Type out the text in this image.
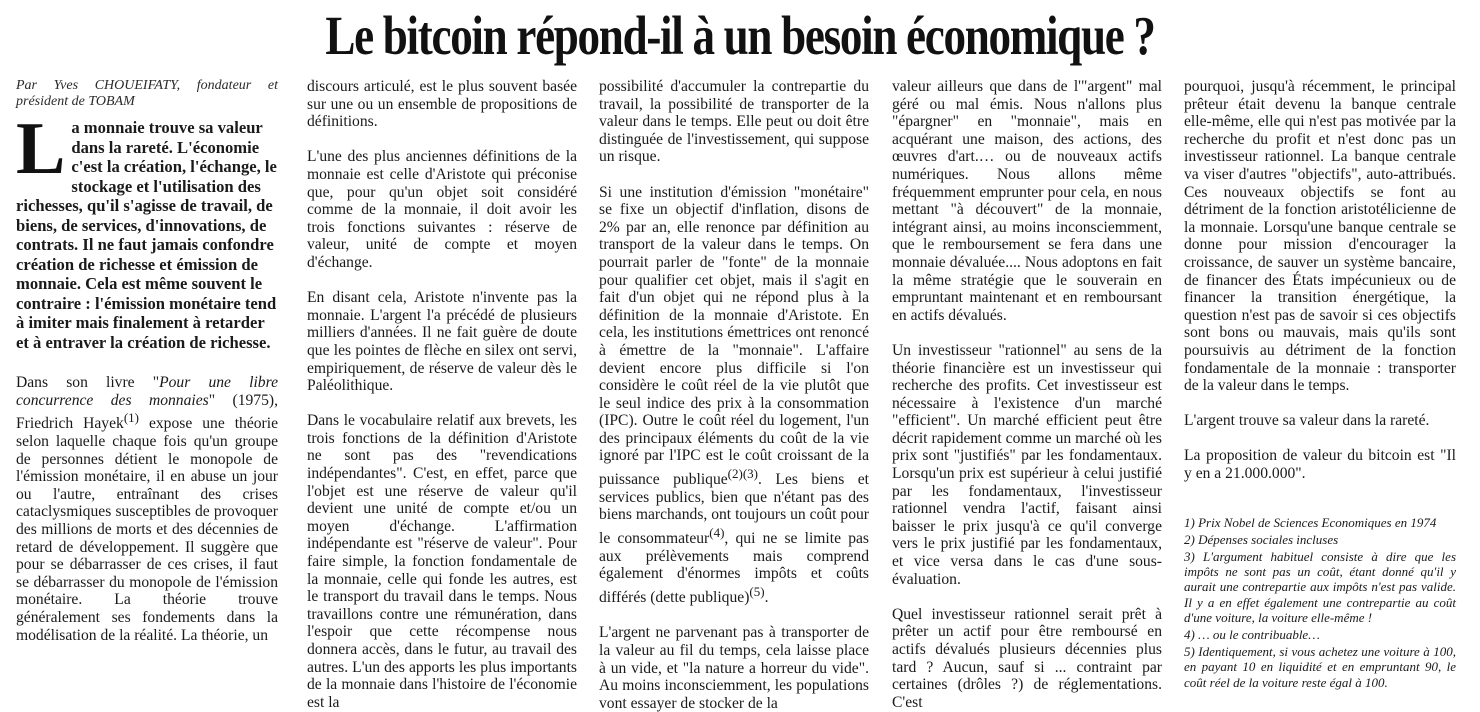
Le bitcoin répond-il à un besoin économique ?
Par Yves CHOUEIFATY, fondateur et président de TOBAM
La monnaie trouve sa valeur dans la rareté. L'économie c'est la création, l'échange, le stockage et l'utilisation des richesses, qu'il s'agisse de travail, de biens, de services, d'innovations, de contrats. Il ne faut jamais confondre création de richesse et émission de monnaie. Cela est même souvent le contraire : l'émission monétaire tend à imiter mais finalement à retarder et à entraver la création de richesse.

Dans son livre "Pour une libre concurrence des monnaies" (1975), Friedrich Hayek$^{(1)}$ expose une théorie selon laquelle chaque fois qu'un groupe de personnes détient le monopole de l'émission monétaire, il en abuse un jour ou l'autre, entraînant des crises cataclysmiques susceptibles de provoquer des millions de morts et des décennies de retard de développement. Il suggère que pour se débarrasser de ces crises, il faut se débarrasser du monopole de l'émission monétaire. La théorie trouve généralement ses fondements dans la modélisation de la réalité. La théorie, un

discours articulé, est le plus souvent basée sur une ou un ensemble de propositions de définitions.

L'une des plus anciennes définitions de la monnaie est celle d'Aristote qui préconise que, pour qu'un objet soit considéré comme de la monnaie, il doit avoir les trois fonctions suivantes : réserve de valeur, unité de compte et moyen d'échange.

En disant cela, Aristote n'invente pas la monnaie. L'argent l'a précédé de plusieurs milliers d'années. Il ne fait guère de doute que les pointes de flèche en silex ont servi, empiriquement, de réserve de valeur dès le Paléolithique.

Dans le vocabulaire relatif aux brevets, les trois fonctions de la définition d'Aristote ne sont pas des "revendications indépendantes". C'est, en effet, parce que l'objet est une réserve de valeur qu'il devient une unité de compte et/ou un moyen d'échange. L'affirmation indépendante est "réserve de valeur". Pour faire simple, la fonction fondamentale de la monnaie, celle qui fonde les autres, est le transport du travail dans le temps. Nous travaillons contre une rémunération, dans l'espoir que cette récompense nous donnera accès, dans le futur, au travail des autres. L'un des apports les plus importants de la monnaie dans l'histoire de l'économie est la

possibilité d'accumuler la contrepartie du travail, la possibilité de transporter de la valeur dans le temps. Elle peut ou doit être distinguée de l'investissement, qui suppose un risque.

Si une institution d'émission "monétaire" se fixe un objectif d'inflation, disons de 2% par an, elle renonce par définition au transport de la valeur dans le temps. On pourrait parler de "fonte" de la monnaie pour qualifier cet objet, mais il s'agit en fait d'un objet qui ne répond plus à la définition de la monnaie d'Aristote. En cela, les institutions émettrices ont renoncé à émettre de la "monnaie". L'affaire devient encore plus difficile si l'on considère le coût réel de la vie plutôt que le seul indice des prix à la consommation (IPC). Outre le coût réel du logement, l'un des principaux éléments du coût de la vie ignoré par l'IPC est le coût croissant de la puissance publique$^{(2)(3)}$. Les biens et services publics, bien que n'étant pas des biens marchands, ont toujours un coût pour le consommateur$^{(4)}$, qui ne se limite pas aux prélèvements mais comprend également d'énormes impôts et coûts différés (dette publique)$^{(5)}$.

L'argent ne parvenant pas à transporter de la valeur au fil du temps, cela laisse place à un vide, et "la nature a horreur du vide". Au moins inconsciemment, les populations vont essayer de stocker de la

valeur ailleurs que dans de l'"argent" mal géré ou mal émis. Nous n'allons plus "épargner" en "monnaie", mais en acquérant une maison, des actions, des œuvres d'art.… ou de nouveaux actifs numériques. Nous allons même fréquemment emprunter pour cela, en nous mettant "à découvert" de la monnaie, intégrant ainsi, au moins inconsciemment, que le remboursement se fera dans une monnaie dévaluée.... Nous adoptons en fait la même stratégie que le souverain en empruntant maintenant et en remboursant en actifs dévalués.

Un investisseur "rationnel" au sens de la théorie financière est un investisseur qui recherche des profits. Cet investisseur est nécessaire à l'existence d'un marché "efficient". Un marché efficient peut être décrit rapidement comme un marché où les prix sont "justifiés" par les fondamentaux. Lorsqu'un prix est supérieur à celui justifié par les fondamentaux, l'investisseur rationnel vendra l'actif, faisant ainsi baisser le prix jusqu'à ce qu'il converge vers le prix justifié par les fondamentaux, et vice versa dans le cas d'une sous-évaluation.

Quel investisseur rationnel serait prêt à prêter un actif pour être remboursé en actifs dévalués plusieurs décennies plus tard ? Aucun, sauf si ... contraint par certaines (drôles ?) de réglementations. C'est

pourquoi, jusqu'à récemment, le principal prêteur était devenu la banque centrale elle-même, elle qui n'est pas motivée par la recherche du profit et n'est donc pas un investisseur rationnel. La banque centrale va viser d'autres "objectifs", auto-attribués. Ces nouveaux objectifs se font au détriment de la fonction aristotélicienne de la monnaie. Lorsqu'une banque centrale se donne pour mission d'encourager la croissance, de sauver un système bancaire, de financer des États impécunieux ou de financer la transition énergétique, la question n'est pas de savoir si ces objectifs sont bons ou mauvais, mais qu'ils sont poursuivis au détriment de la fonction fondamentale de la monnaie : transporter de la valeur dans le temps.

L'argent trouve sa valeur dans la rareté.

La proposition de valeur du bitcoin est "Il y en a 21.000.000".

1) Prix Nobel de Sciences Economiques en 1974

2) Dépenses sociales incluses

3) L'argument habituel consiste à dire que les impôts ne sont pas un coût, étant donné qu'il y aurait une contrepartie aux impôts n'est pas valide. Il y a en effet également une contrepartie au coût d'une voiture, la voiture elle-même !

4) … ou le contribuable…

5) Identiquement, si vous achetez une voiture à 100, en payant 10 en liquidité et en empruntant 90, le coût réel de la voiture reste égal à 100.
